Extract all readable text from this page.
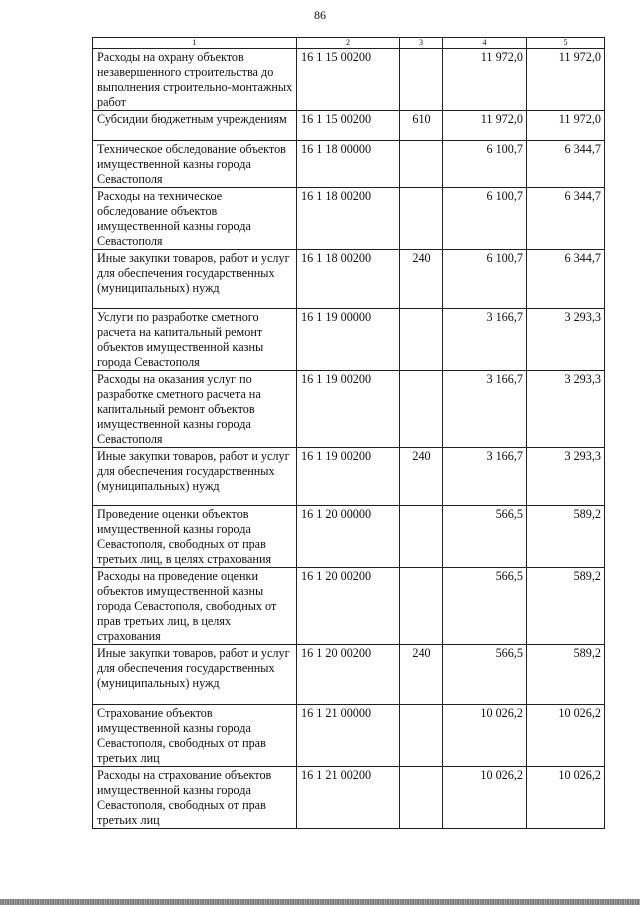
86
1	2	3	4	5
Расходы на охрану объектов незавершенного строительства до выполнения строительно-монтажных работ	16 1 15 00200		11 972,0	11 972,0
Субсидии бюджетным учреждениям	16 1 15 00200	610	11 972,0	11 972,0
Техническое обследование объектов имущественной казны города Севастополя	16 1 18 00000		6 100,7	6 344,7
Расходы на техническое обследование объектов имущественной казны города Севастополя	16 1 18 00200		6 100,7	6 344,7
Иные закупки товаров, работ и услуг для обеспечения государственных (муниципальных) нужд	16 1 18 00200	240	6 100,7	6 344,7
Услуги по разработке сметного расчета на капитальный ремонт объектов имущественной казны города Севастополя	16 1 19 00000		3 166,7	3 293,3
Расходы на оказания услуг по разработке сметного расчета на капитальный ремонт объектов имущественной казны города Севастополя	16 1 19 00200		3 166,7	3 293,3
Иные закупки товаров, работ и услуг для обеспечения государственных (муниципальных) нужд	16 1 19 00200	240	3 166,7	3 293,3
Проведение оценки объектов имущественной казны города Севастополя, свободных от прав третьих лиц, в целях страхования	16 1 20 00000		566,5	589,2
Расходы на проведение оценки объектов имущественной казны города Севастополя, свободных от прав третьих лиц, в целях страхования	16 1 20 00200		566,5	589,2
Иные закупки товаров, работ и услуг для обеспечения государственных (муниципальных) нужд	16 1 20 00200	240	566,5	589,2
Страхование объектов имущественной казны города Севастополя, свободных от прав третьих лиц	16 1 21 00000		10 026,2	10 026,2
Расходы на страхование объектов имущественной казны города Севастополя, свободных от прав третьих лиц	16 1 21 00200		10 026,2	10 026,2
